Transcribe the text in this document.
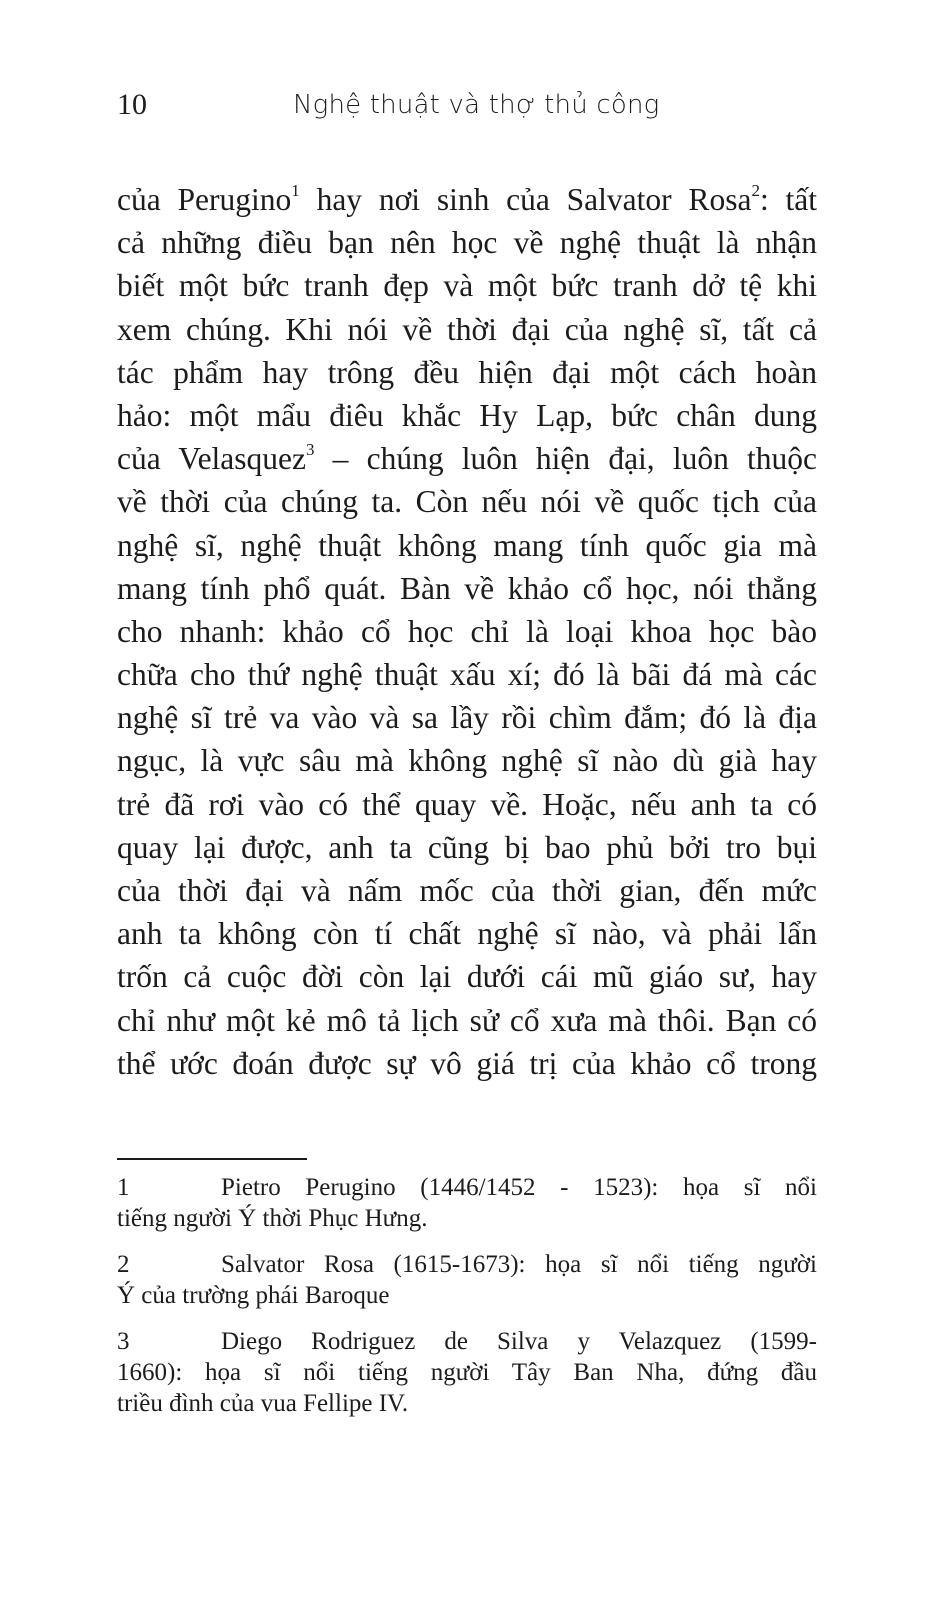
10	Nghệ thuật và thợ thủ công
của Perugino$^1$ hay nơi sinh của Salvator Rosa$^2$: tất
cả những điều bạn nên học về nghệ thuật là nhận
biết một bức tranh đẹp và một bức tranh dở tệ khi
xem chúng. Khi nói về thời đại của nghệ sĩ, tất cả
tác phẩm hay trông đều hiện đại một cách hoàn
hảo: một mẩu điêu khắc Hy Lạp, bức chân dung
của Velasquez$^3$ – chúng luôn hiện đại, luôn thuộc
về thời của chúng ta. Còn nếu nói về quốc tịch của
nghệ sĩ, nghệ thuật không mang tính quốc gia mà
mang tính phổ quát. Bàn về khảo cổ học, nói thẳng
cho nhanh: khảo cổ học chỉ là loại khoa học bào
chữa cho thứ nghệ thuật xấu xí; đó là bãi đá mà các
nghệ sĩ trẻ va vào và sa lầy rồi chìm đắm; đó là địa
ngục, là vực sâu mà không nghệ sĩ nào dù già hay
trẻ đã rơi vào có thể quay về. Hoặc, nếu anh ta có
quay lại được, anh ta cũng bị bao phủ bởi tro bụi
của thời đại và nấm mốc của thời gian, đến mức
anh ta không còn tí chất nghệ sĩ nào, và phải lẩn
trốn cả cuộc đời còn lại dưới cái mũ giáo sư, hay
chỉ như một kẻ mô tả lịch sử cổ xưa mà thôi. Bạn có
thể ước đoán được sự vô giá trị của khảo cổ trong
1	Pietro Perugino (1446/1452 - 1523): họa sĩ nổi
tiếng người Ý thời Phục Hưng.
2	Salvator Rosa (1615-1673): họa sĩ nổi tiếng người
Ý của trường phái Baroque
3	Diego Rodriguez de Silva y Velazquez (1599-
1660): họa sĩ nổi tiếng người Tây Ban Nha, đứng đầu
triều đình của vua Fellipe IV.
